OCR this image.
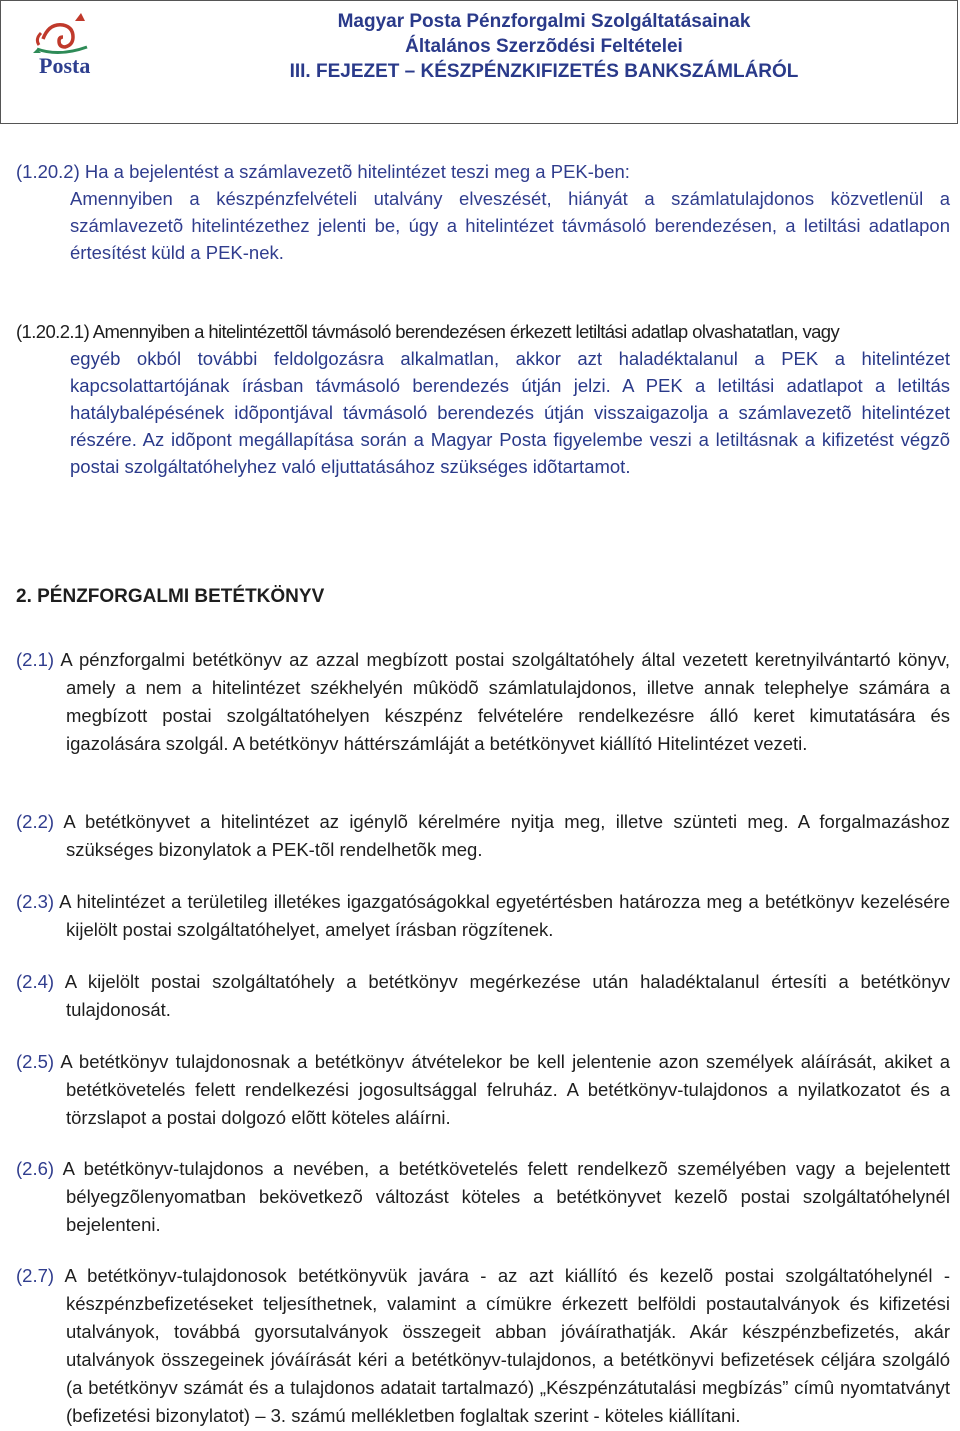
Posta
Magyar Posta Pénzforgalmi Szolgáltatásainak
Általános Szerzõdési Feltételei
III. FEJEZET – KÉSZPÉNZKIFIZETÉS BANKSZÁMLÁRÓL
(1.20.2) Ha a bejelentést a számlavezetõ hitelintézet teszi meg a PEK-ben:
Amennyiben a készpénzfelvételi utalvány elveszését, hiányát a számlatulajdonos közvetlenül a számlavezetõ hitelintézethez jelenti be, úgy a hitelintézet távmásoló berendezésen, a letiltási adatlapon értesítést küld a PEK-nek.
(1.20.2.1) Amennyiben a hitelintézettõl távmásoló berendezésen érkezett letiltási adatlap olvashatatlan, vagy
egyéb okból további feldolgozásra alkalmatlan, akkor azt haladéktalanul a PEK a hitelintézet kapcsolattartójának írásban távmásoló berendezés útján jelzi. A PEK a letiltási adatlapot a letiltás hatálybalépésének idõpontjával távmásoló berendezés útján visszaigazolja a számlavezetõ hitelintézet részére. Az idõpont megállapítása során a Magyar Posta figyelembe veszi a letiltásnak a kifizetést végzõ postai szolgáltatóhelyhez való eljuttatásához szükséges idõtartamot.
2. PÉNZFORGALMI BETÉTKÖNYV
(2.1) A pénzforgalmi betétkönyv az azzal megbízott postai szolgáltatóhely által vezetett keretnyilvántartó könyv, amely a nem a hitelintézet székhelyén mûködõ számlatulajdonos, illetve annak telephelye számára a megbízott postai szolgáltatóhelyen készpénz felvételére rendelkezésre álló keret kimutatására és igazolására szolgál. A betétkönyv háttérszámláját a betétkönyvet kiállító Hitelintézet vezeti.
(2.2) A betétkönyvet a hitelintézet az igénylõ kérelmére nyitja meg, illetve szünteti meg. A forgalmazáshoz szükséges bizonylatok a PEK-tõl rendelhetõk meg.
(2.3) A hitelintézet a területileg illetékes igazgatóságokkal egyetértésben határozza meg a betétkönyv kezelésére kijelölt postai szolgáltatóhelyet, amelyet írásban rögzítenek.
(2.4) A kijelölt postai szolgáltatóhely a betétkönyv megérkezése után haladéktalanul értesíti a betétkönyv tulajdonosát.
(2.5) A betétkönyv tulajdonosnak a betétkönyv átvételekor be kell jelentenie azon személyek aláírását, akiket a betétkövetelés felett rendelkezési jogosultsággal felruház. A betétkönyv-tulajdonos a nyilatkozatot és a törzslapot a postai dolgozó elõtt köteles aláírni.
(2.6) A betétkönyv-tulajdonos a nevében, a betétkövetelés felett rendelkezõ személyében vagy a bejelentett bélyegzõlenyomatban bekövetkezõ változást köteles a betétkönyvet kezelõ postai szolgáltatóhelynél bejelenteni.
(2.7) A betétkönyv-tulajdonosok betétkönyvük javára - az azt kiállító és kezelõ postai szolgáltatóhelynél - készpénzbefizetéseket teljesíthetnek, valamint a címükre érkezett belföldi postautalványok és kifizetési utalványok, továbbá gyorsutalványok összegeit abban jóváírathatják. Akár készpénzbefizetés, akár utalványok összegeinek jóváírását kéri a betétkönyv-tulajdonos, a betétkönyvi befizetések céljára szolgáló (a betétkönyv számát és a tulajdonos adatait tartalmazó) „Készpénzátutalási megbízás” címû nyomtatványt (befizetési bizonylatot) – 3. számú mellékletben foglaltak szerint - köteles kiállítani.
